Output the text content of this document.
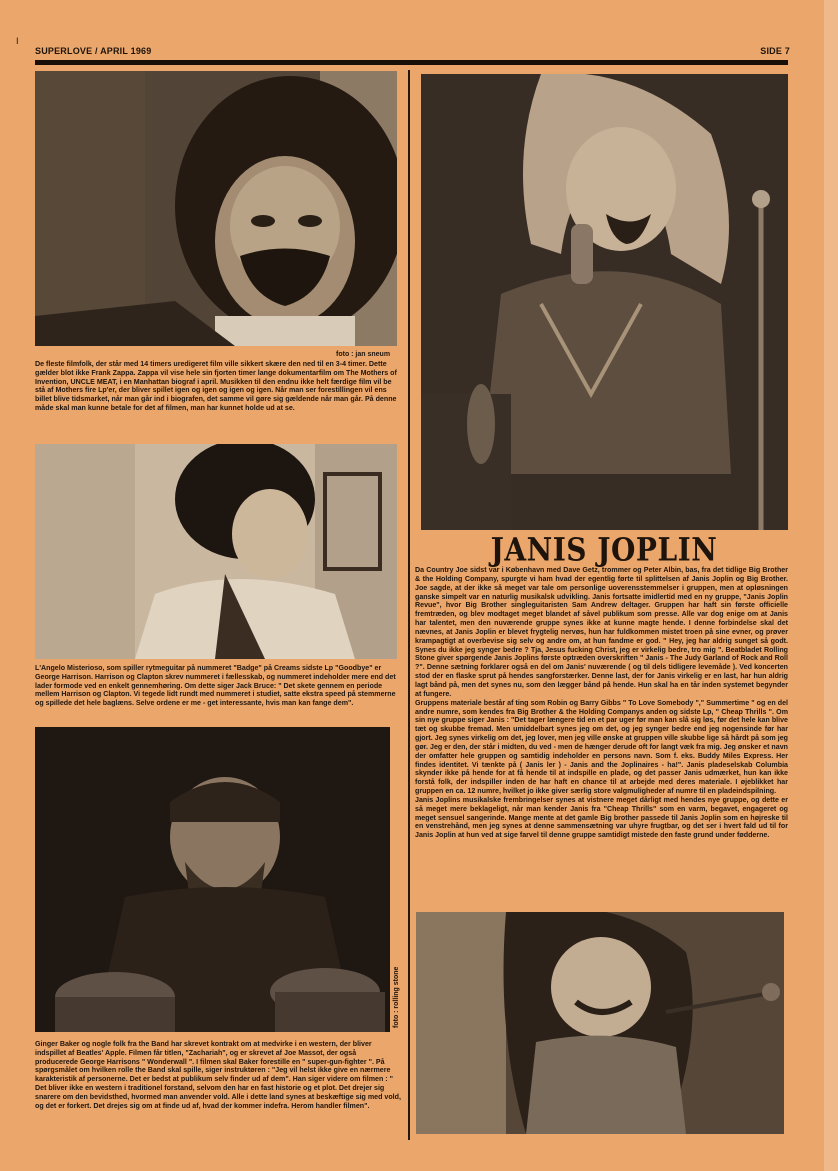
I
SUPERLOVE / APRIL 1969	SIDE 7
foto : jan sneum
De fleste filmfolk, der står med 14 timers uredigeret film ville sikkert skære den ned til en 3-4 timer. Dette gælder blot ikke Frank Zappa. Zappa vil vise hele sin fjorten timer lange dokumentarfilm om The Mothers of Invention, UNCLE MEAT, i en Manhattan biograf i april. Musikken til den endnu ikke helt færdige film vil be stå af Mothers fire Lp'er, der bliver spillet igen og igen og igen og igen. Når man ser forestillingen vil ens billet blive tidsmarket, når man går ind i biografen, det samme vil gøre sig gældende når man går. På denne måde skal man kunne betale for det af filmen, man har kunnet holde ud at se.
L'Angelo Misterioso, som spiller rytmeguitar på nummeret "Badge" på Creams sidste Lp "Goodbye" er George Harrison. Harrison og Clapton skrev nummeret i fællesskab, og nummeret indeholder mere end det lader formode ved en enkelt gennemhøring. Om dette siger Jack Bruce: " Det skete gennem en periode mellem Harrison og Clapton. Vi tegede lidt rundt med nummeret i studiet, satte ekstra speed på stemmerne og spillede det hele baglæns. Selve ordene er me - get interessante, hvis man kan fange dem".
foto : rolling stone
Ginger Baker og nogle folk fra the Band har skrevet kontrakt om at medvirke i en western, der bliver indspillet af Beatles' Apple. Filmen får titlen, "Zachariah", og er skrevet af Joe Massot, der også producerede George Harrisons " Wonderwall ". I filmen skal Baker forestille en " super-gun-fighter ". På spørgsmålet om hvilken rolle the Band skal spille, siger instruktøren : "Jeg vil helst ikke give en nærmere karakteristik af personerne. Det er bedst at publikum selv finder ud af dem". Han siger videre om filmen : " Det bliver ikke en western i traditionel forstand, selvom den har en fast historie og et plot. Det drejer sig snarere om den bevidsthed, hvormed man anvender vold. Alle i dette land synes at beskæftige sig med vold, og det er forkert. Det drejes sig om at finde ud af, hvad der kommer indefra. Herom handler filmen".
JANIS JOPLIN

Da Country Joe sidst var i København med Dave Getz, trommer og Peter Albin, bas, fra det tidlige Big Brother & the Holding Company, spurgte vi ham hvad der egentlig førte til splittelsen af Janis Joplin og Big Brother. Joe sagde, at der ikke så meget var tale om personlige uoverensstemmelser i gruppen, men at opløsningen ganske simpelt var en naturlig musikalsk udvikling. Janis fortsatte imidlertid med en ny gruppe, "Janis Joplin Revue", hvor Big Brother singleguitaristen Sam Andrew deltager. Gruppen har haft sin første officielle fremtræden, og blev modtaget meget blandet af såvel publikum som presse. Alle var dog enige om at Janis har talentet, men den nuværende gruppe synes ikke at kunne magte hende. I denne forbindelse skal det nævnes, at Janis Joplin er blevet frygtelig nervøs, hun har fuldkommen mistet troen på sine evner, og prøver krampagtigt at overbevise sig selv og andre om, at hun fandme er god. " Hey, jeg har aldrig sunget så godt. Synes du ikke jeg synger bedre ? Tja, Jesus fucking Christ, jeg er virkelig bedre, tro mig ". Beatbladet Rolling Stone giver spørgende Janis Joplins første optræden overskriften " Janis - The Judy Garland of Rock and Roll ?". Denne sætning forklarer også en del om Janis' nuværende ( og til dels tidligere levemåde ). Ved koncerten stod der en flaske sprut på hendes sangforstærker. Denne last, der for Janis virkelig er en last, har hun aldrig lagt bånd på, men det synes nu, som den lægger bånd på hende. Hun skal ha en tår inden systemet begynder at fungere.

Gruppens materiale består af ting som Robin og Barry Gibbs " To Love Somebody "," Summertime " og en del andre numre, som kendes fra Big Brother & the Holding Companys anden og sidste Lp, " Cheap Thrills ". Om sin nye gruppe siger Janis : "Det tager længere tid en et par uger før man kan slå sig løs, før det hele kan blive tæt og skubbe fremad. Men umiddelbart synes jeg om det, og jeg synger bedre end jeg nogensinde før har gjort. Jeg synes virkelig om det, jeg lover, men jeg ville ønske at gruppen ville skubbe lige så hårdt på som jeg gør. Jeg er den, der står i midten, du ved - men de hænger derude oft for langt væk fra mig. Jeg ønsker et navn der omfatter hele gruppen og samtidig indeholder en persons navn. Som f. eks. Buddy Miles Express. Her findes identitet. Vi tænkte på ( Janis ler ) - Janis and the Joplinaires - ha!". Janis pladeselskab Columbia skynder ikke på hende for at få hende til at indspille en plade, og det passer Janis udmærket, hun kan ikke forstå folk, der indspiller inden de har haft en chance til at arbejde med deres materiale. I øjeblikket har gruppen en ca. 12 numre, hvilket jo ikke giver særlig store valgmuligheder af numre til en pladeindspilning.

Janis Joplins musikalske frembringelser synes at vistnere meget dårligt med hendes nye gruppe, og dette er så meget mere beklageligt, når man kender Janis fra "Cheap Thrills" som en varm, begavet, engageret og meget sensuel sangerinde. Mange mente at det gamle Big brother passede til Janis Joplin som en højreske til en venstrehånd, men jeg synes at denne sammensætning var uhyre frugtbar, og det ser i hvert fald ud til for Janis Joplin at hun ved at sige farvel til denne gruppe samtidigt mistede den faste grund under fødderne.
